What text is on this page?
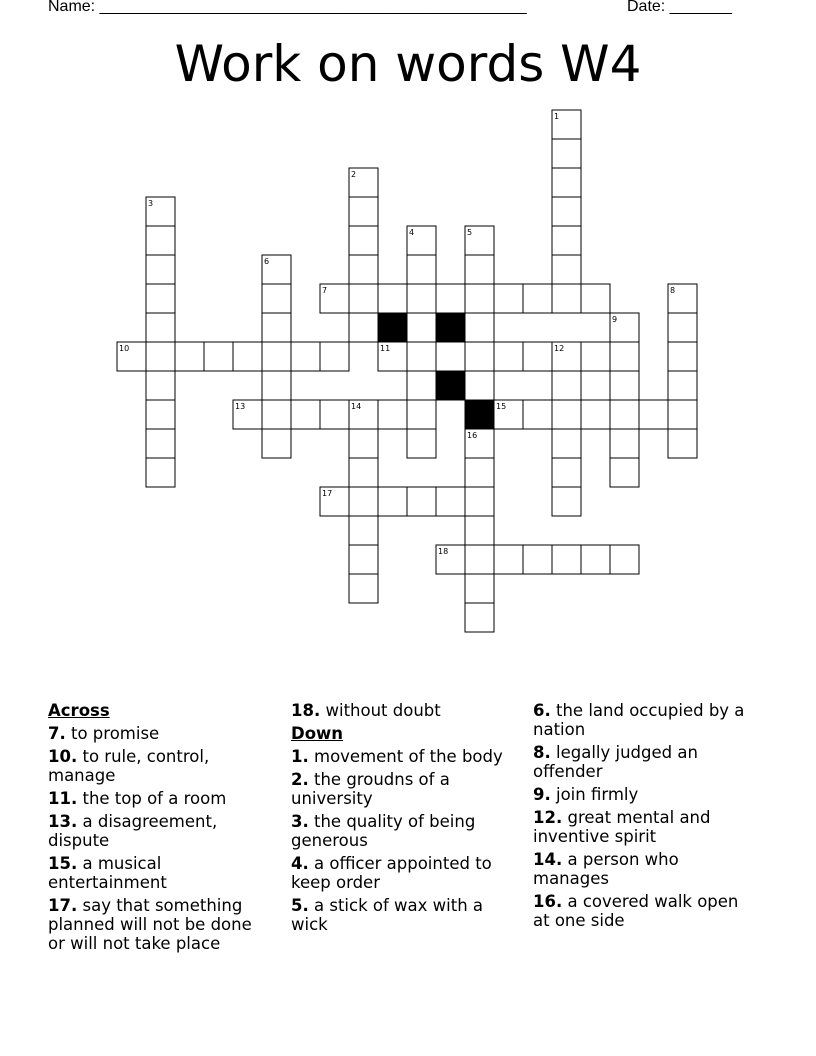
Name: ________________________________________________	Date: _______
Work on words W4
7
10	11
13	15
17
18
1
2
3
4	5
6
8
9
12
14
16
Across
7. to promise
10. to rule, control, manage
11. the top of a room
13. a disagreement, dispute
15. a musical entertainment
17. say that something planned will not be done or will not take place
18. without doubt
Down
1. movement of the body
2. the groudns of a university
3. the quality of being generous
4. a officer appointed to keep order
5. a stick of wax with a wick
6. the land occupied by a nation
8. legally judged an offender
9. join firmly
12. great mental and inventive spirit
14. a person who manages
16. a covered walk open at one side
